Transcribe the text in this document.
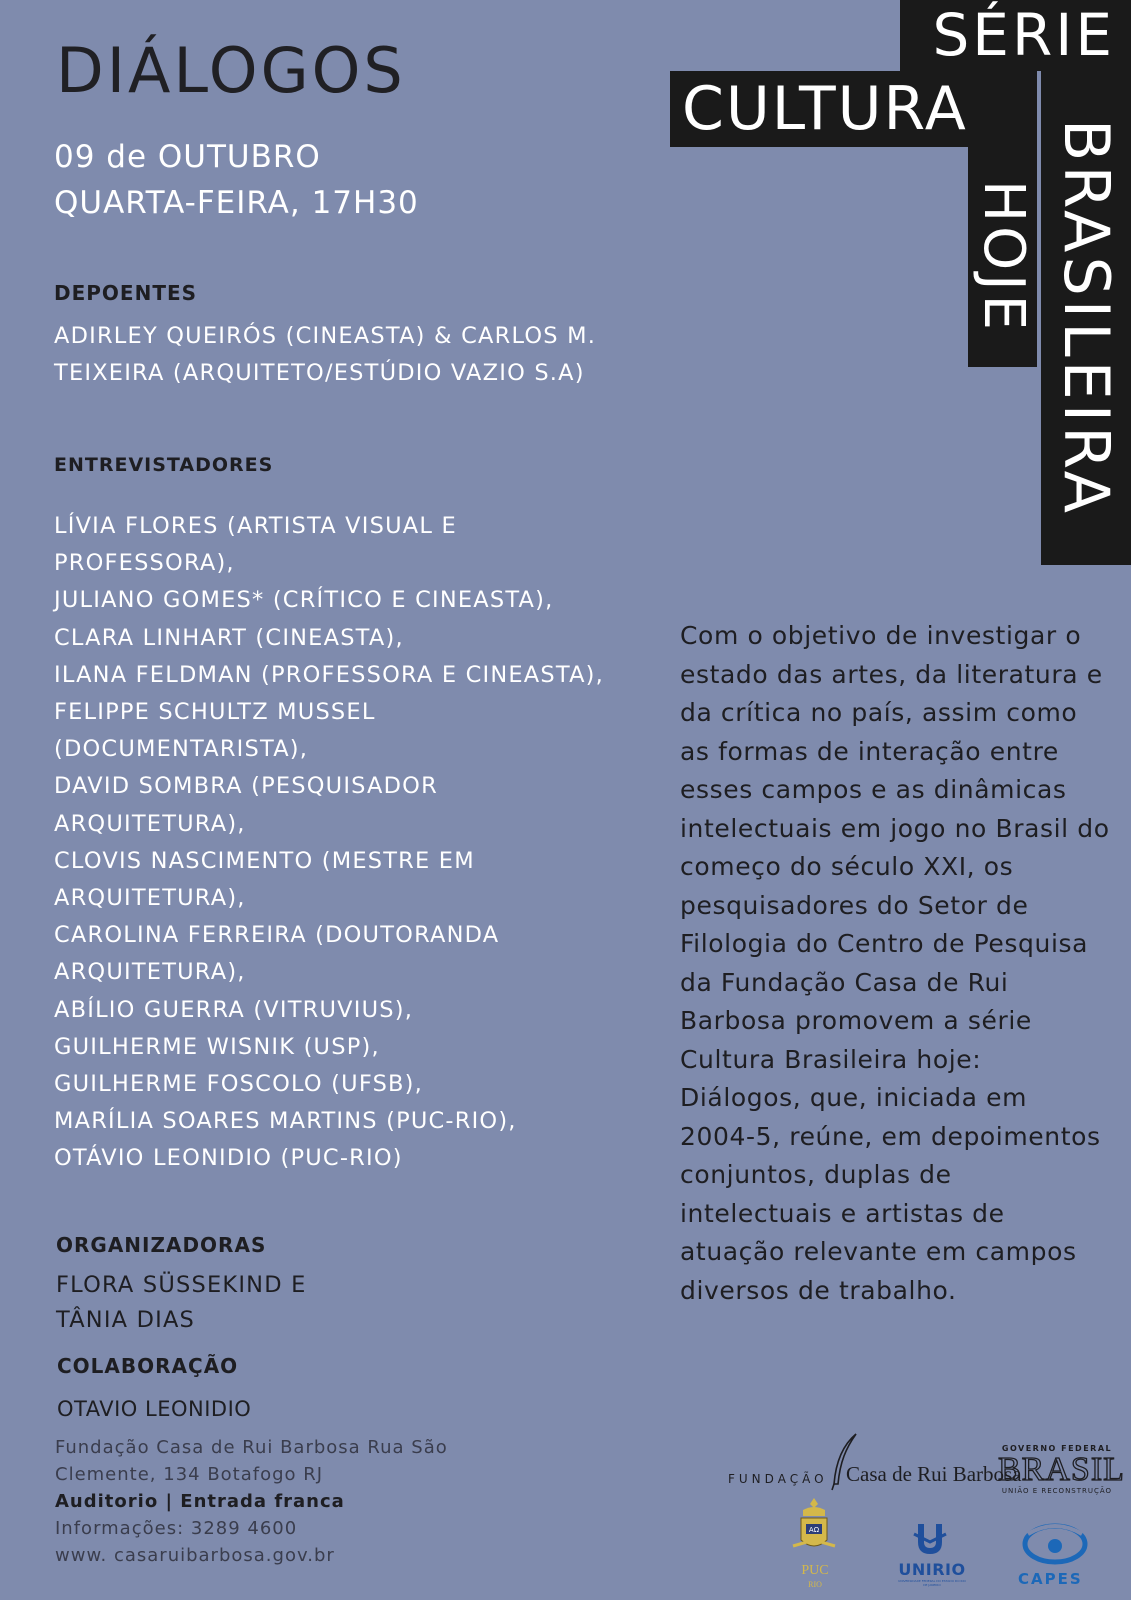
SÉRIE
CULTURA
HOJE BRASILEIRA
DIÁLOGOS
09 de OUTUBRO
QUARTA-FEIRA, 17H30
DEPOENTES
ADIRLEY QUEIRÓS (CINEASTA) & CARLOS M. TEIXEIRA (ARQUITETO/ESTÚDIO VAZIO S.A)
ENTREVISTADORES
LÍVIA FLORES (ARTISTA VISUAL E PROFESSORA),
JULIANO GOMES* (CRÍTICO E CINEASTA),
CLARA LINHART (CINEASTA),
ILANA FELDMAN (PROFESSORA E CINEASTA),
FELIPPE SCHULTZ MUSSEL (DOCUMENTARISTA),
DAVID SOMBRA (PESQUISADOR ARQUITETURA),
CLOVIS NASCIMENTO (MESTRE EM ARQUITETURA),
CAROLINA FERREIRA (DOUTORANDA ARQUITETURA),
ABÍLIO GUERRA (VITRUVIUS),
GUILHERME WISNIK (USP),
GUILHERME FOSCOLO (UFSB),
MARÍLIA SOARES MARTINS (PUC-RIO),
OTÁVIO LEONIDIO (PUC-RIO)
ORGANIZADORAS
FLORA SÜSSEKIND E
TÂNIA DIAS
COLABORAÇÃO
OTAVIO LEONIDIO
Fundação Casa de Rui Barbosa Rua São Clemente, 134 Botafogo RJ
Auditorio | Entrada franca
Informações: 3289 4600
www. casaruibarbosa.gov.br
Com o objetivo de investigar o estado das artes, da literatura e da crítica no país, assim como as formas de interação entre esses campos e as dinâmicas intelectuais em jogo no Brasil do começo do século XXI, os pesquisadores do Setor de Filologia do Centro de Pesquisa da Fundação Casa de Rui Barbosa promovem a série Cultura Brasileira hoje: Diálogos, que, iniciada em 2004-5, reúne, em depoimentos conjuntos, duplas de intelectuais e artistas de atuação relevante em campos diversos de trabalho.
FUNDAÇÃO Casa de Rui Barbosa
GOVERNO FEDERAL
BRASIL
UNIÃO E RECONSTRUÇÃO
AΩ
PUC
RIO
UNIRIO
UNIVERSIDADE FEDERAL DO ESTADO DO RIO DE JANEIRO	CAPES
